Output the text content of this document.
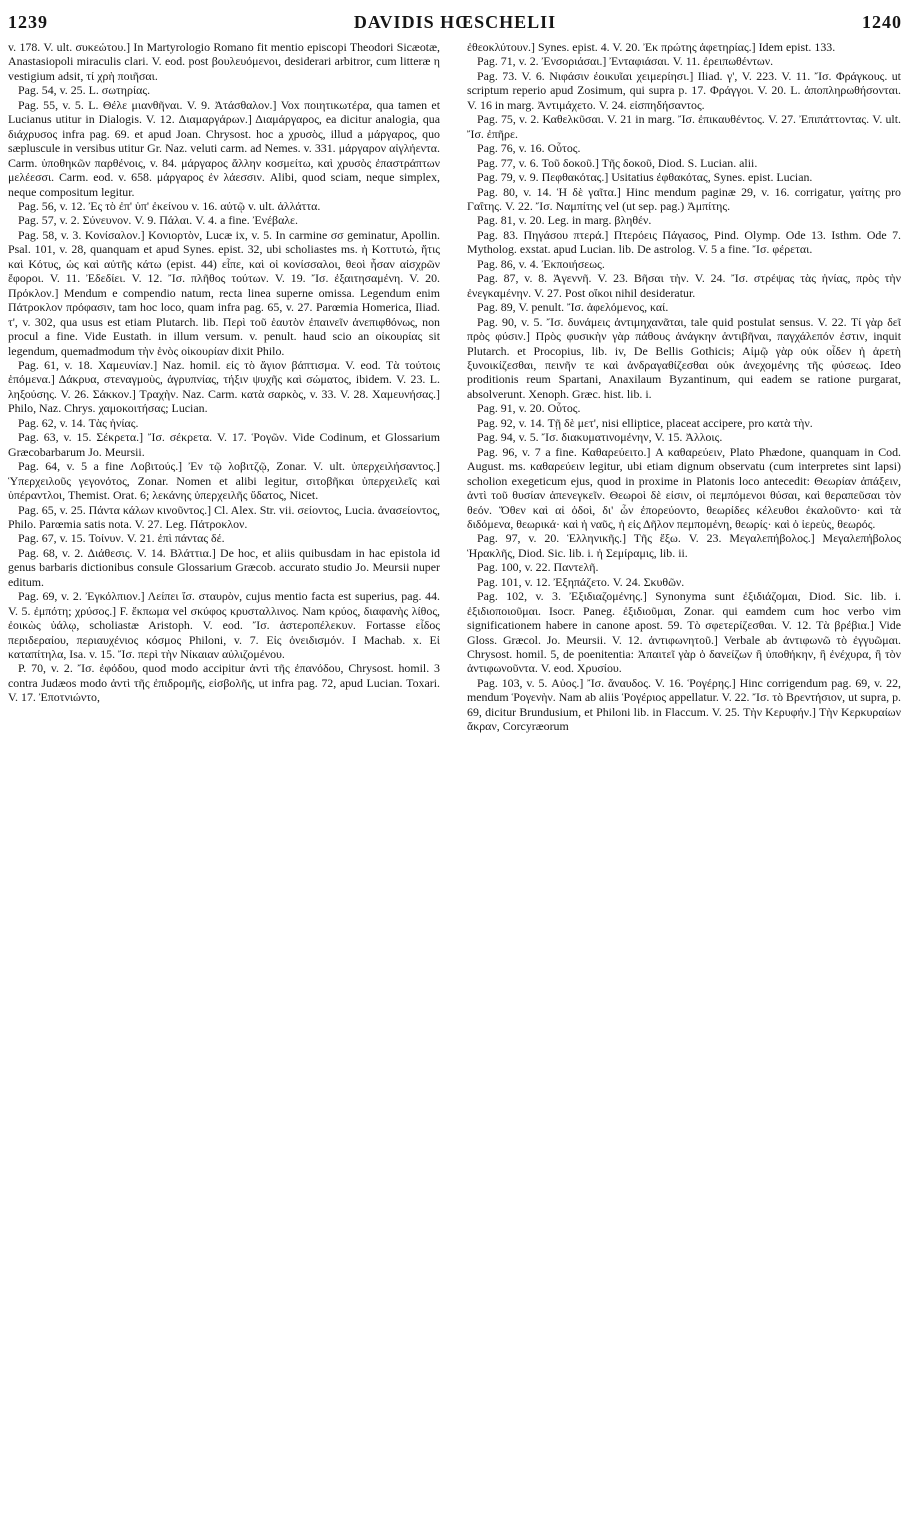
1239	DAVIDIS HŒSCHELII	1240

v. 178. V. ult. συκεώτου.] In Martyrologio Romano fit mentio episcopi Theodori Sicæotæ, Anastasiopoli miraculis clari. V. eod. post βουλευόμενοι, desiderari arbitror, cum litteræ η vestigium adsit, τί χρὴ ποιῆσαι.

Pag. 54, v. 25. L. σωτηρίας.

Pag. 55, v. 5. L. Θέλε μιανθῆναι. V. 9. Ἀτάσθαλον.] Vox ποιητικωτέρα, qua tamen et Lucianus utitur in Dialogis. V. 12. Διαμαργάρων.] Διαμάργαρος, ea dicitur analogia, qua διάχρυσος infra pag. 69. et apud Joan. Chrysost. hoc a χρυσὸς, illud a μάργαρος, quo sæpluscule in versibus utitur Gr. Naz. veluti carm. ad Nemes. v. 331. μάργαρον αἰγλήεντα. Carm. ὑποθηκῶν παρθένοις, v. 84. μάργαρος ἄλλην κοσμείτω, καὶ χρυσὸς ἐπαστράπτων μελέεσσι. Carm. eod. v. 658. μάργαρος ἐν λάεσσιν. Alibi, quod sciam, neque simplex, neque compositum legitur.

Pag. 56, v. 12. Ἐς τὸ ἐπ' ὑπ' ἐκείνου v. 16. αὐτῷ v. ult. ἀλλάττα.

Pag. 57, v. 2. Σύνευνον. V. 9. Πάλαι. V. 4. a fine. Ἐνέβαλε.

Pag. 58, v. 3. Κονίσαλον.] Κονιορτὸν, Lucæ ix, v. 5. In carmine σσ geminatur, Apollin. Psal. 101, v. 28, quanquam et apud Synes. epist. 32, ubi scholiastes ms. ἡ Κοττυτώ, ἥτις καὶ Κότυς, ὡς καὶ αὐτῆς κάτω (epist. 44) εἶπε, καὶ οἱ κονίσσαλοι, θεοὶ ἦσαν αἰσχρῶν ἔφοροι. V. 11. Ἐδεδίει. V. 12. Ἴσ. πλῆθος τούτων. V. 19. Ἴσ. ἐξαιτησαμένη. V. 20. Πρόκλον.] Mendum e compendio natum, recta linea superne omissa. Legendum enim Πάτροκλον πρόφασιν, tam hoc loco, quam infra pag. 65, v. 27. Parœmia Homerica, Iliad. τ', v. 302, qua usus est etiam Plutarch. lib. Περὶ τοῦ ἑαυτὸν ἐπαινεῖν ἀνεπιφθόνως, non procul a fine. Vide Eustath. in illum versum. v. penult. haud scio an οἰκουρίας sit legendum, quemadmodum τὴν ἑνὸς οἰκουρίαν dixit Philo.

Pag. 61, v. 18. Χαμευνίαν.] Naz. homil. εἰς τὸ ἅγιον βάπτισμα. V. eod. Τὰ τούτοις ἑπόμενα.] Δάκρυα, στεναγμοὺς, ἀγρυπνίας, τήξιν ψυχῆς καὶ σώματος, ibidem. V. 23. L. ληξούσης. V. 26. Σάκκον.] Τραχὴν. Naz. Carm. κατὰ σαρκὸς, v. 33. V. 28. Χαμευνήσας.] Philo, Naz. Chrys. χαμοκοιτήσας; Lucian.

Pag. 62, v. 14. Τὰς ἡνίας.

Pag. 63, v. 15. Σέκρετα.] Ἴσ. σέκρετα. V. 17. Ῥογῶν. Vide Codinum, et Glossarium Græcobarbarum Jo. Meursii.

Pag. 64, v. 5 a fine Λοβιτούς.] Ἐν τῷ λοβιτζῷ, Zonar. V. ult. ὑπερχειλήσαντος.] Ὑπερχειλοῦς γεγονότος, Zonar. Nomen et alibi legitur, σιτοβῆκαι ὑπερχειλεῖς καὶ ὑπέραντλοι, Themist. Orat. 6; λεκάνης ὑπερχειλῆς ὕδατος, Nicet.

Pag. 65, v. 25. Πάντα κάλων κινοῦντος.] Cl. Alex. Str. vii. σείοντος, Lucia. ἀνασείοντος, Philo. Parœmia satis nota. V. 27. Leg. Πάτροκλον.

Pag. 67, v. 15. Τοίνυν. V. 21. ἐπὶ πάντας δέ.

Pag. 68, v. 2. Διάθεσις. V. 14. Βλάττια.] De hoc, et aliis quibusdam in hac epistola id genus barbaris dictionibus consule Glossarium Græcob. accurato studio Jo. Meursii nuper editum.

Pag. 69, v. 2. Ἐγκόλπιον.] Λείπει ἴσ. σταυρὸν, cujus mentio facta est superius, pag. 44. V. 5. ἐμπότη; χρύσος.] F. ἔκπωμα vel σκύφος κρυσταλλινος. Nam κρύος, διαφανὴς λίθος, ἐοικὼς ὑάλῳ, scholiastæ Aristoph. V. eod. Ἴσ. ἀστεροπέλεκυν. Fortasse εἶδος περιδεραίου, περιαυχένιος κόσμος Philoni, v. 7. Εἰς ὀνειδισμόν. I Machab. x. Εἰ καταπίτηλα, Isa. v. 15. Ἴσ. περὶ τὴν Νίκαιαν αὐλιζομένου.

P. 70, v. 2. Ἴσ. ἐφόδου, quod modo accipitur ἀντὶ τῆς ἐπανόδου, Chrysost. homil. 3 contra Judæos modo ἀντὶ τῆς ἐπιδρομῆς, εἰσβολῆς, ut infra pag. 72, apud Lucian. Τοxari. V. 17. Ἐποτνιώντο,

ἐθεοκλύτουν.] Synes. epist. 4. V. 20. Ἐκ πρώτης ἀφετηρίας.] Idem epist. 133.

Pag. 71, v. 2. Ἐνσοριάσαι.] Ἐνταφιάσαι. V. 11. ἐρειπωθέντων.

Pag. 73. V. 6. Νιφάσιν ἐοικυῖαι χειμερίησι.] Iliad. γ', V. 223. V. 11. Ἴσ. Φράγκους. ut scriptum reperio apud Zosimum, qui supra p. 17. Φράγγοι. V. 20. L. ἀποπληρωθήσονται. V. 16 in marg. Ἀντιμάχετο. V. 24. εἰσπηδήσαντος.

Pag. 75, v. 2. Καθελκῦσαι. V. 21 in marg. Ἴσ. ἐπικαυθέντος. V. 27. Ἐπιπάττοντας. V. ult. Ἴσ. ἐπῆρε.

Pag. 76, v. 16. Οὗτος.

Pag. 77, v. 6. Τοῦ δοκοῦ.] Τῆς δοκοῦ, Diod. S. Lucian. alii.

Pag. 79, v. 9. Πεφθακότας.] Usitatius ἐφθακότας, Synes. epist. Lucian.

Pag. 80, v. 14. Ἡ δὲ γαῖτα.] Hinc mendum paginæ 29, v. 16. corrigatur, γαίτης pro Γαΐτης. V. 22. Ἴσ. Ναμπίτης vel (ut sep. pag.) Ἀμπίτης.

Pag. 81, v. 20. Leg. in marg. βληθέν.

Pag. 83. Πηγάσου πτερά.] Πτερόεις Πάγασος, Pind. Olymp. Ode 13. Isthm. Ode 7. Mytholog. exstat. apud Lucian. lib. De astrolog. V. 5 a fine. Ἴσ. φέρεται.

Pag. 86, v. 4. Ἐκποιήσεως.

Pag. 87, v. 8. Ἀγεννῆ. V. 23. Βῆσαι τὴν. V. 24. Ἴσ. στρέψας τὰς ἡνίας, πρὸς τὴν ἐνεγκαμένην. V. 27. Post οἴκοι nihil desideratur.

Pag. 89, V. penult. Ἴσ. ἀφελόμενος, καί.

Pag. 90, v. 5. Ἴσ. δυνάμεις ἀντιμηχανᾶται, tale quid postulat sensus. V. 22. Τί γὰρ δεῖ πρὸς φύσιν.] Πρὸς φυσικὴν γὰρ πάθους ἀνάγκην ἀντιβῆναι, παγχάλεπόν ἐστιν, inquit Plutarch. et Procopius, lib. iv, De Bellis Gothicis; Αἰμῷ γὰρ οὐκ οἶδεν ἡ ἀρετὴ ξυνοικίζεσθαι, πεινῆν τε καὶ ἀνδραγαθίζεσθαι οὐκ ἀνεχομένης τῆς φύσεως. Ideo proditionis reum Spartani, Anaxilaum Byzantinum, qui eadem se ratione purgarat, absolverunt. Xenoph. Græc. hist. lib. i.

Pag. 91, v. 20. Οὗτος.

Pag. 92, v. 14. Τῇ δὲ μετ', nisi elliptice, placeat accipere, pro κατὰ τὴν.

Pag. 94, v. 5. Ἴσ. διακυματινομένην, V. 15. Ἀλλοις.

Pag. 96, v. 7 a fine. Καθαρεύειτο.] A καθαρεύειν, Plato Phædone, quanquam in Cod. August. ms. καθαρεύειν legitur, ubi etiam dignum observatu (cum interpretes sint lapsi) scholion exegeticum ejus, quod in proxime in Platonis loco antecedit: Θεωρίαν ἀπάξειν, ἀντὶ τοῦ θυσίαν ἀπενεγκεῖν. Θεωροὶ δὲ εἰσιν, οἱ πεμπόμενοι θύσαι, καὶ θεραπεῦσαι τὸν θεόν. Ὅθεν καὶ αἱ ὁδοὶ, δι' ὧν ἐπορεύοντο, θεωρίδες κέλευθοι ἐκαλοῦντο· καὶ τὰ διδόμενα, θεωρικά· καὶ ἡ ναῦς, ἡ εἰς Δῆλον πεμπομένη, θεωρίς· καὶ ὁ ἱερεὺς, θεωρός.

Pag. 97, v. 20. Ἑλληνικῆς.] Τῆς ἔξω. V. 23. Μεγαλεπήβολος.] Μεγαλεπήβολος Ἡρακλῆς, Diod. Sic. lib. i. ἡ Σεμίραμις, lib. ii.

Pag. 100, v. 22. Παντελῆ.

Pag. 101, v. 12. Ἐξηπάζετο. V. 24. Σκυθῶν.

Pag. 102, v. 3. Ἐξιδιαζομένης.] Synonyma sunt ἐξιδιάζομαι, Diod. Sic. lib. i. ἐξιδιοποιοῦμαι. Isocr. Paneg. ἐξιδιοῦμαι, Zonar. qui eamdem cum hoc verbo vim significationem habere in canone apost. 59. Τὸ σφετερίζεσθαι. V. 12. Τὰ βρέβια.] Vide Gloss. Græcol. Jo. Meursii. V. 12. ἀντιφωνητοῦ.] Verbale ab ἀντιφωνῶ τὸ ἐγγυῶμαι. Chrysost. homil. 5, de poenitentia: Ἀπαιτεῖ γὰρ ὁ δανείζων ἢ ὑποθήκην, ἢ ἐνέχυρα, ἢ τὸν ἀντιφωνοῦντα. V. eod. Χρυσίου.

Pag. 103, v. 5. Αὐος.] Ἴσ. ἄναυδος. V. 16. Ῥογέρης.] Hinc corrigendum pag. 69, v. 22, mendum Ῥογενὴν. Nam ab aliis Ῥογέριος appellatur. V. 22. Ἴσ. τὸ Βρεντήσιον, ut supra, p. 69, dicitur Brundusium, et Philoni lib. in Flaccum. V. 25. Τὴν Κερυφήν.] Τὴν Κερκυραίων ἄκραν, Corcyræorum
